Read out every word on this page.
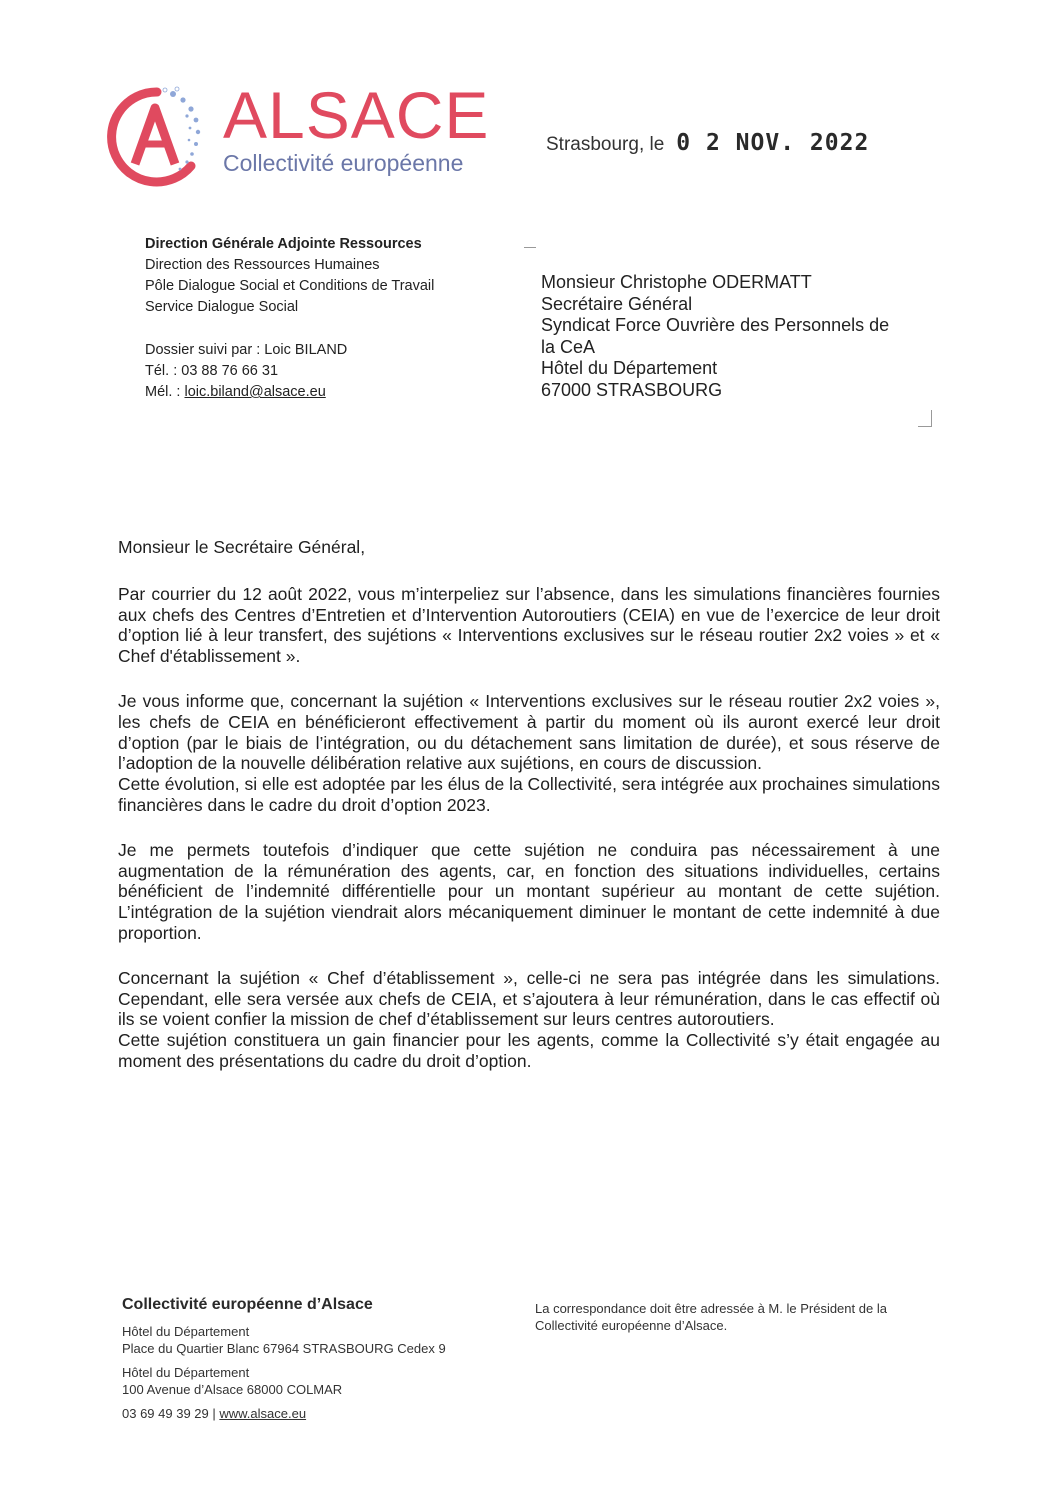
ALSACE
Collectivité européenne
Strasbourg, le 0 2 NOV. 2022
Direction Générale Adjointe Ressources
Direction des Ressources Humaines
Pôle Dialogue Social et Conditions de Travail
Service Dialogue Social
Dossier suivi par : Loic BILAND
Tél. : 03 88 76 66 31
Mél. : loic.biland@alsace.eu
Monsieur Christophe ODERMATT
Secrétaire Général
Syndicat Force Ouvrière des Personnels de
la CeA
Hôtel du Département
67000 STRASBOURG
Monsieur le Secrétaire Général,

Par courrier du 12 août 2022, vous m’interpeliez sur l’absence, dans les simulations financières fournies aux chefs des Centres d’Entretien et d’Intervention Autoroutiers (CEIA) en vue de l’exercice de leur droit d’option lié à leur transfert, des sujétions « Interventions exclusives sur le réseau routier 2x2 voies » et « Chef d'établissement ».

Je vous informe que, concernant la sujétion « Interventions exclusives sur le réseau routier 2x2 voies », les chefs de CEIA en bénéficieront effectivement à partir du moment où ils auront exercé leur droit d’option (par le biais de l’intégration, ou du détachement sans limitation de durée), et sous réserve de l’adoption de la nouvelle délibération relative aux sujétions, en cours de discussion.

Cette évolution, si elle est adoptée par les élus de la Collectivité, sera intégrée aux prochaines simulations financières dans le cadre du droit d’option 2023.

Je me permets toutefois d’indiquer que cette sujétion ne conduira pas nécessairement à une augmentation de la rémunération des agents, car, en fonction des situations individuelles, certains bénéficient de l’indemnité différentielle pour un montant supérieur au montant de cette sujétion. L’intégration de la sujétion viendrait alors mécaniquement diminuer le montant de cette indemnité à due proportion.

Concernant la sujétion « Chef d’établissement », celle-ci ne sera pas intégrée dans les simulations. Cependant, elle sera versée aux chefs de CEIA, et s’ajoutera à leur rémunération, dans le cas effectif où ils se voient confier la mission de chef d’établissement sur leurs centres autoroutiers.

Cette sujétion constituera un gain financier pour les agents, comme la Collectivité s’y était engagée au moment des présentations du cadre du droit d’option.

Collectivité européenne d’Alsace
Hôtel du Département
Place du Quartier Blanc 67964 STRASBOURG Cedex 9
Hôtel du Département
100 Avenue d’Alsace 68000 COLMAR
03 69 49 39 29 | www.alsace.eu
La correspondance doit être adressée à M. le Président de la Collectivité européenne d’Alsace.
